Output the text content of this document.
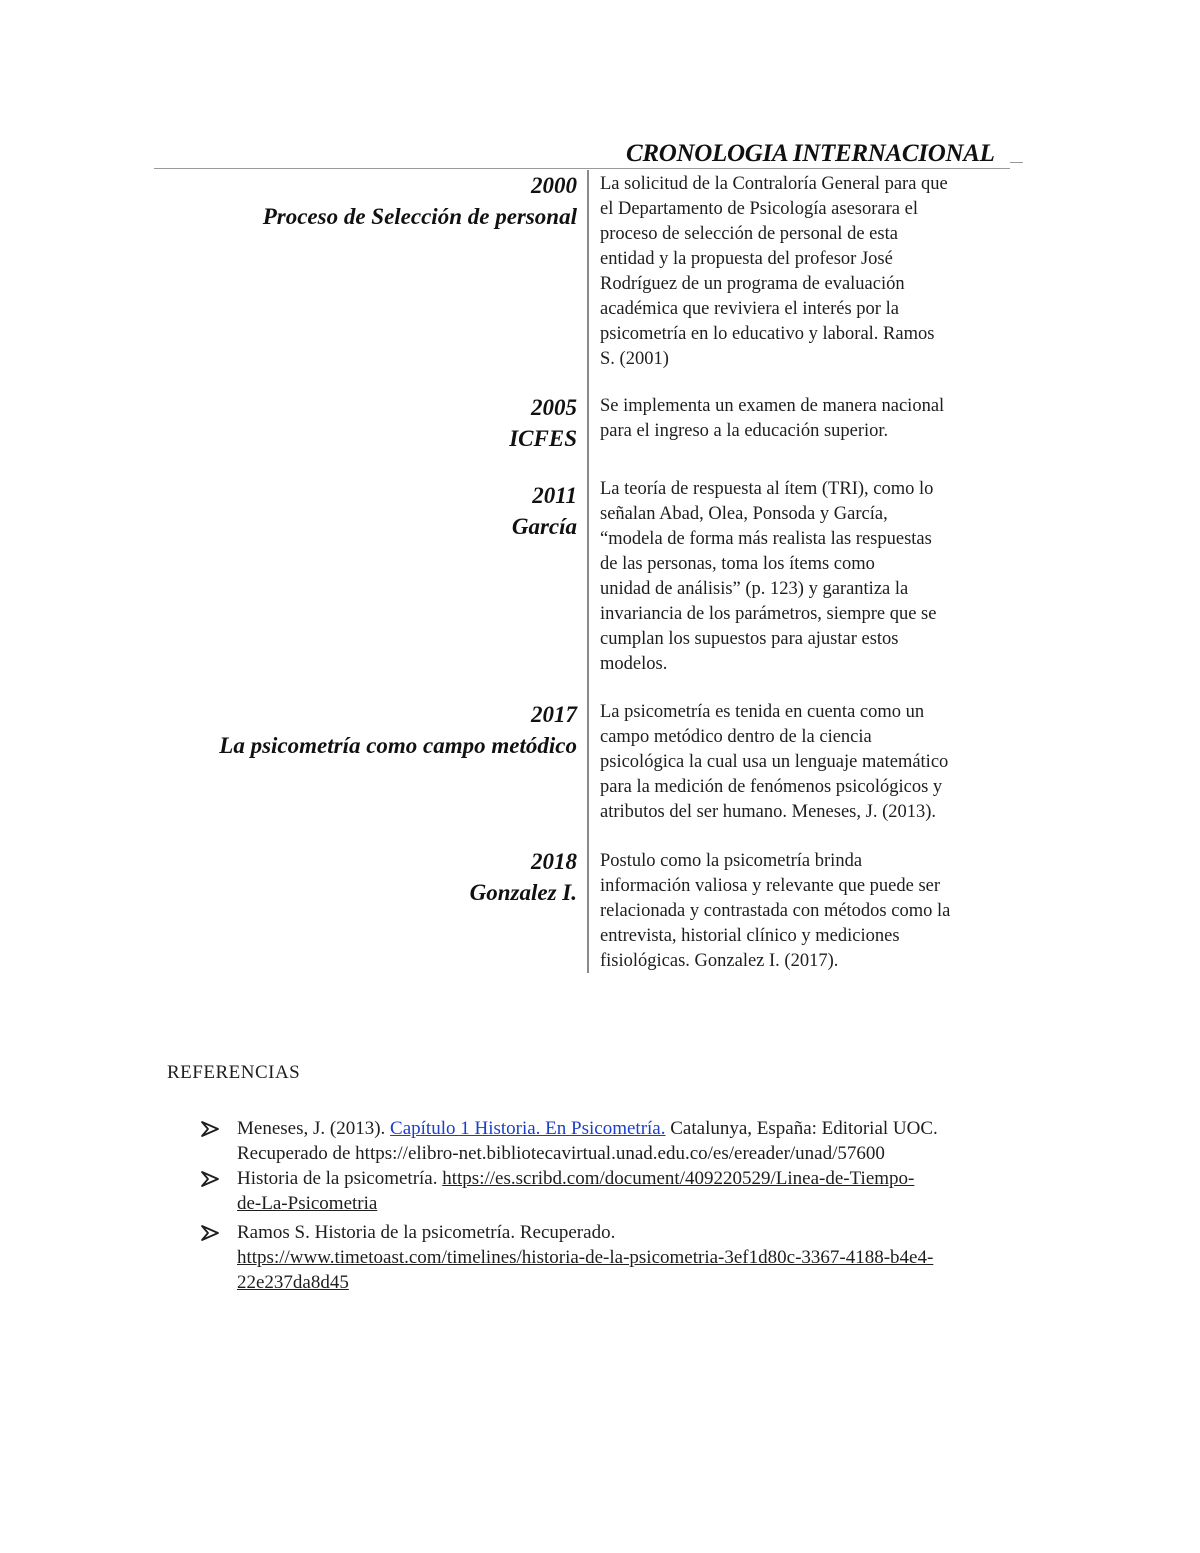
CRONOLOGIA INTERNACIONAL
2000
Proceso de Selección de personal

La solicitud de la Contraloría General para que

el Departamento de Psicología asesorara el

proceso de selección de personal de esta

entidad y la propuesta del profesor José

Rodríguez de un programa de evaluación

académica que reviviera el interés por la

psicometría en lo educativo y laboral. Ramos

S. (2001)

2005
ICFES

Se implementa un examen de manera nacional

para el ingreso a la educación superior.

2011
García

La teoría de respuesta al ítem (TRI), como lo

señalan Abad, Olea, Ponsoda y García,

“modela de forma más realista las respuestas

de las personas, toma los ítems como

unidad de análisis” (p. 123) y garantiza la

invariancia de los parámetros, siempre que se

cumplan los supuestos para ajustar estos

modelos.

2017
La psicometría como campo metódico

La psicometría es tenida en cuenta como un

campo metódico dentro de la ciencia

psicológica la cual usa un lenguaje matemático

para la medición de fenómenos psicológicos y

atributos del ser humano. Meneses, J. (2013).

2018
Gonzalez I.

Postulo como la psicometría brinda

información valiosa y relevante que puede ser

relacionada y contrastada con métodos como la

entrevista, historial clínico y mediciones

fisiológicas. Gonzalez I. (2017).

REFERENCIAS
Meneses, J. (2013). Capítulo 1 Historia. En Psicometría. Catalunya, España: Editorial UOC.
Recuperado de https://elibro-net.bibliotecavirtual.unad.edu.co/es/ereader/unad/57600
Historia de la psicometría. https://es.scribd.com/document/409220529/Linea-de-Tiempo-
de-La-Psicometria
Ramos S. Historia de la psicometría. Recuperado.
https://www.timetoast.com/timelines/historia-de-la-psicometria-3ef1d80c-3367-4188-b4e4-
22e237da8d45
